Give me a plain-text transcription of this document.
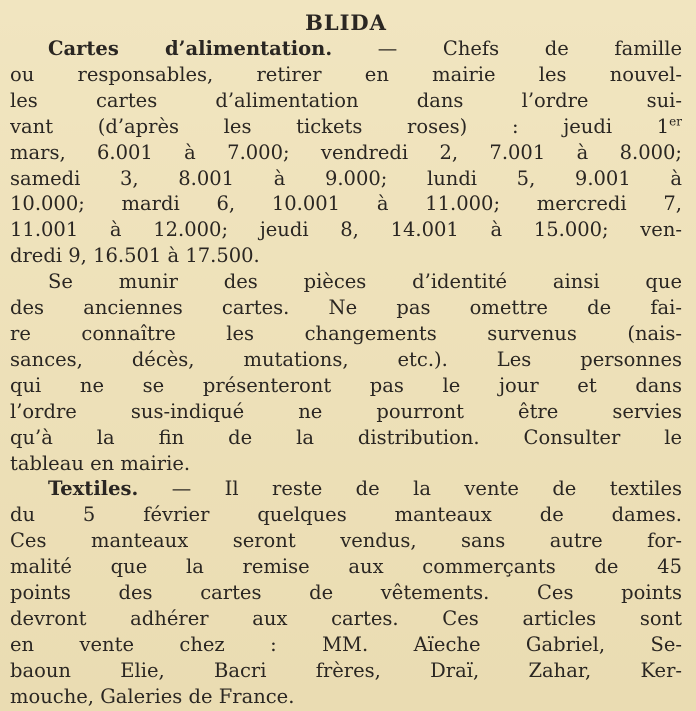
BLIDA
Cartes d’alimentation. — Chefs de famille
ou responsables, retirer en mairie les nouvel-
les cartes d’alimentation dans l’ordre sui-
vant (d’après les tickets roses) : jeudi 1er
mars, 6.001 à 7.000; vendredi 2, 7.001 à 8.000;
samedi 3, 8.001 à 9.000; lundi 5, 9.001 à
10.000; mardi 6, 10.001 à 11.000; mercredi 7,
11.001 à 12.000; jeudi 8, 14.001 à 15.000; ven-
dredi 9, 16.501 à 17.500.
Se munir des pièces d’identité ainsi que
des anciennes cartes. Ne pas omettre de fai-
re connaître les changements survenus (nais-
sances, décès, mutations, etc.). Les personnes
qui ne se présenteront pas le jour et dans
l’ordre sus-indiqué ne pourront être servies
qu’à la fin de la distribution. Consulter le
tableau en mairie.
Textiles. — Il reste de la vente de textiles
du 5 février quelques manteaux de dames.
Ces manteaux seront vendus, sans autre for-
malité que la remise aux commerçants de 45
points des cartes de vêtements. Ces points
devront adhérer aux cartes. Ces articles sont
en vente chez : MM. Aïeche Gabriel, Se-
baoun Elie, Bacri frères, Draï, Zahar, Ker-
mouche, Galeries de France.
